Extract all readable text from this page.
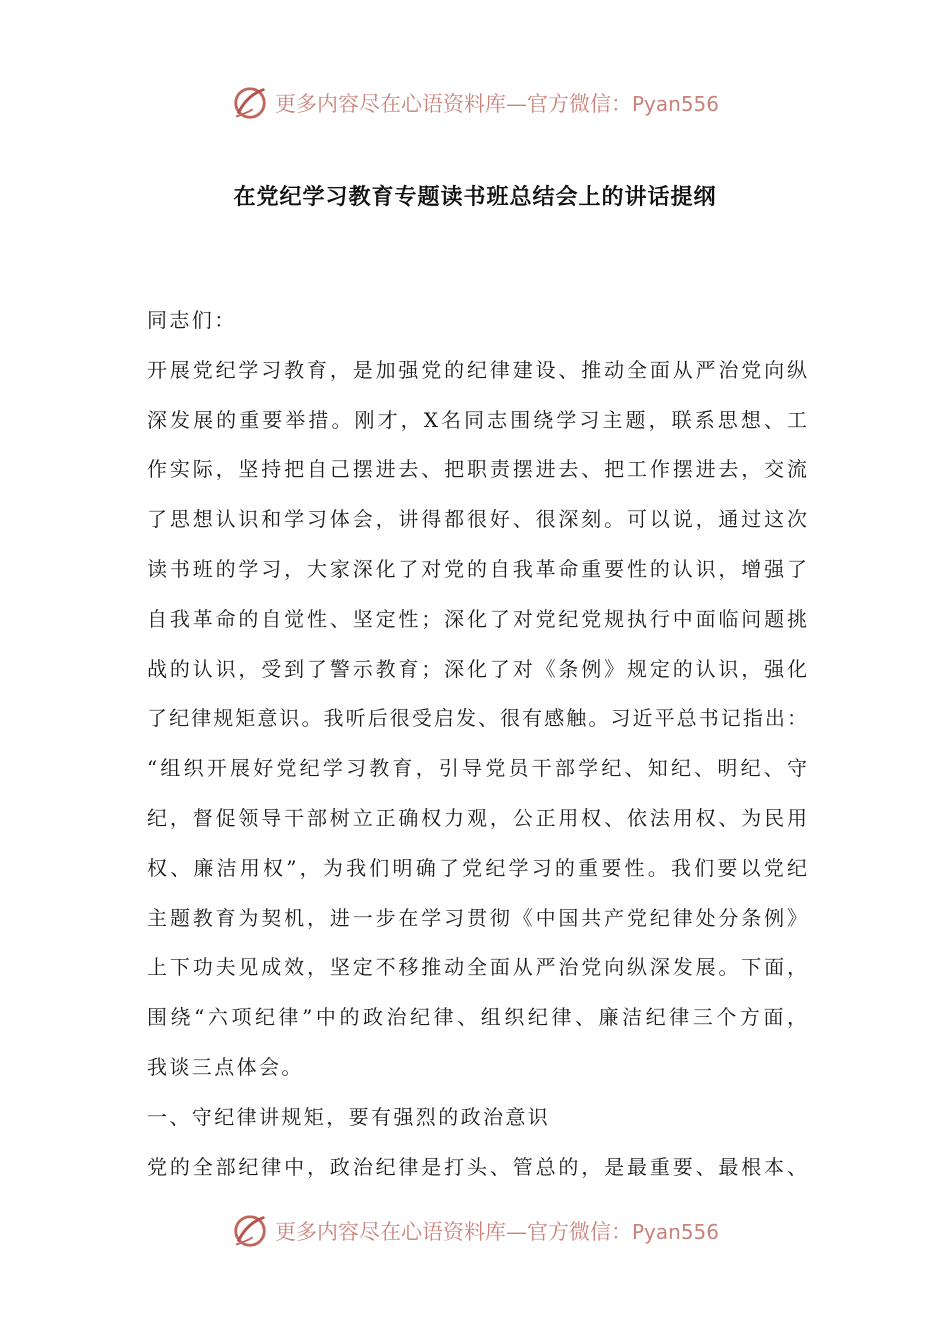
更多内容尽在心语资料库—官方微信：Pyan556
在党纪学习教育专题读书班总结会上的讲话提纲
同志们：
开展党纪学习教育，是加强党的纪律建设、推动全面从严治党向纵
深发展的重要举措。刚才，X名同志围绕学习主题，联系思想、工
作实际，坚持把自己摆进去、把职责摆进去、把工作摆进去，交流
了思想认识和学习体会，讲得都很好、很深刻。可以说，通过这次
读书班的学习，大家深化了对党的自我革命重要性的认识，增强了
自我革命的自觉性、坚定性；深化了对党纪党规执行中面临问题挑
战的认识，受到了警示教育；深化了对《条例》规定的认识，强化
了纪律规矩意识。我听后很受启发、很有感触。习近平总书记指出：
“组织开展好党纪学习教育，引导党员干部学纪、知纪、明纪、守
纪，督促领导干部树立正确权力观，公正用权、依法用权、为民用
权、廉洁用权”，为我们明确了党纪学习的重要性。我们要以党纪
主题教育为契机，进一步在学习贯彻《中国共产党纪律处分条例》
上下功夫见成效，坚定不移推动全面从严治党向纵深发展。下面，
围绕“六项纪律”中的政治纪律、组织纪律、廉洁纪律三个方面，
我谈三点体会。
一、守纪律讲规矩，要有强烈的政治意识
党的全部纪律中，政治纪律是打头、管总的，是最重要、最根本、
更多内容尽在心语资料库—官方微信：Pyan556
